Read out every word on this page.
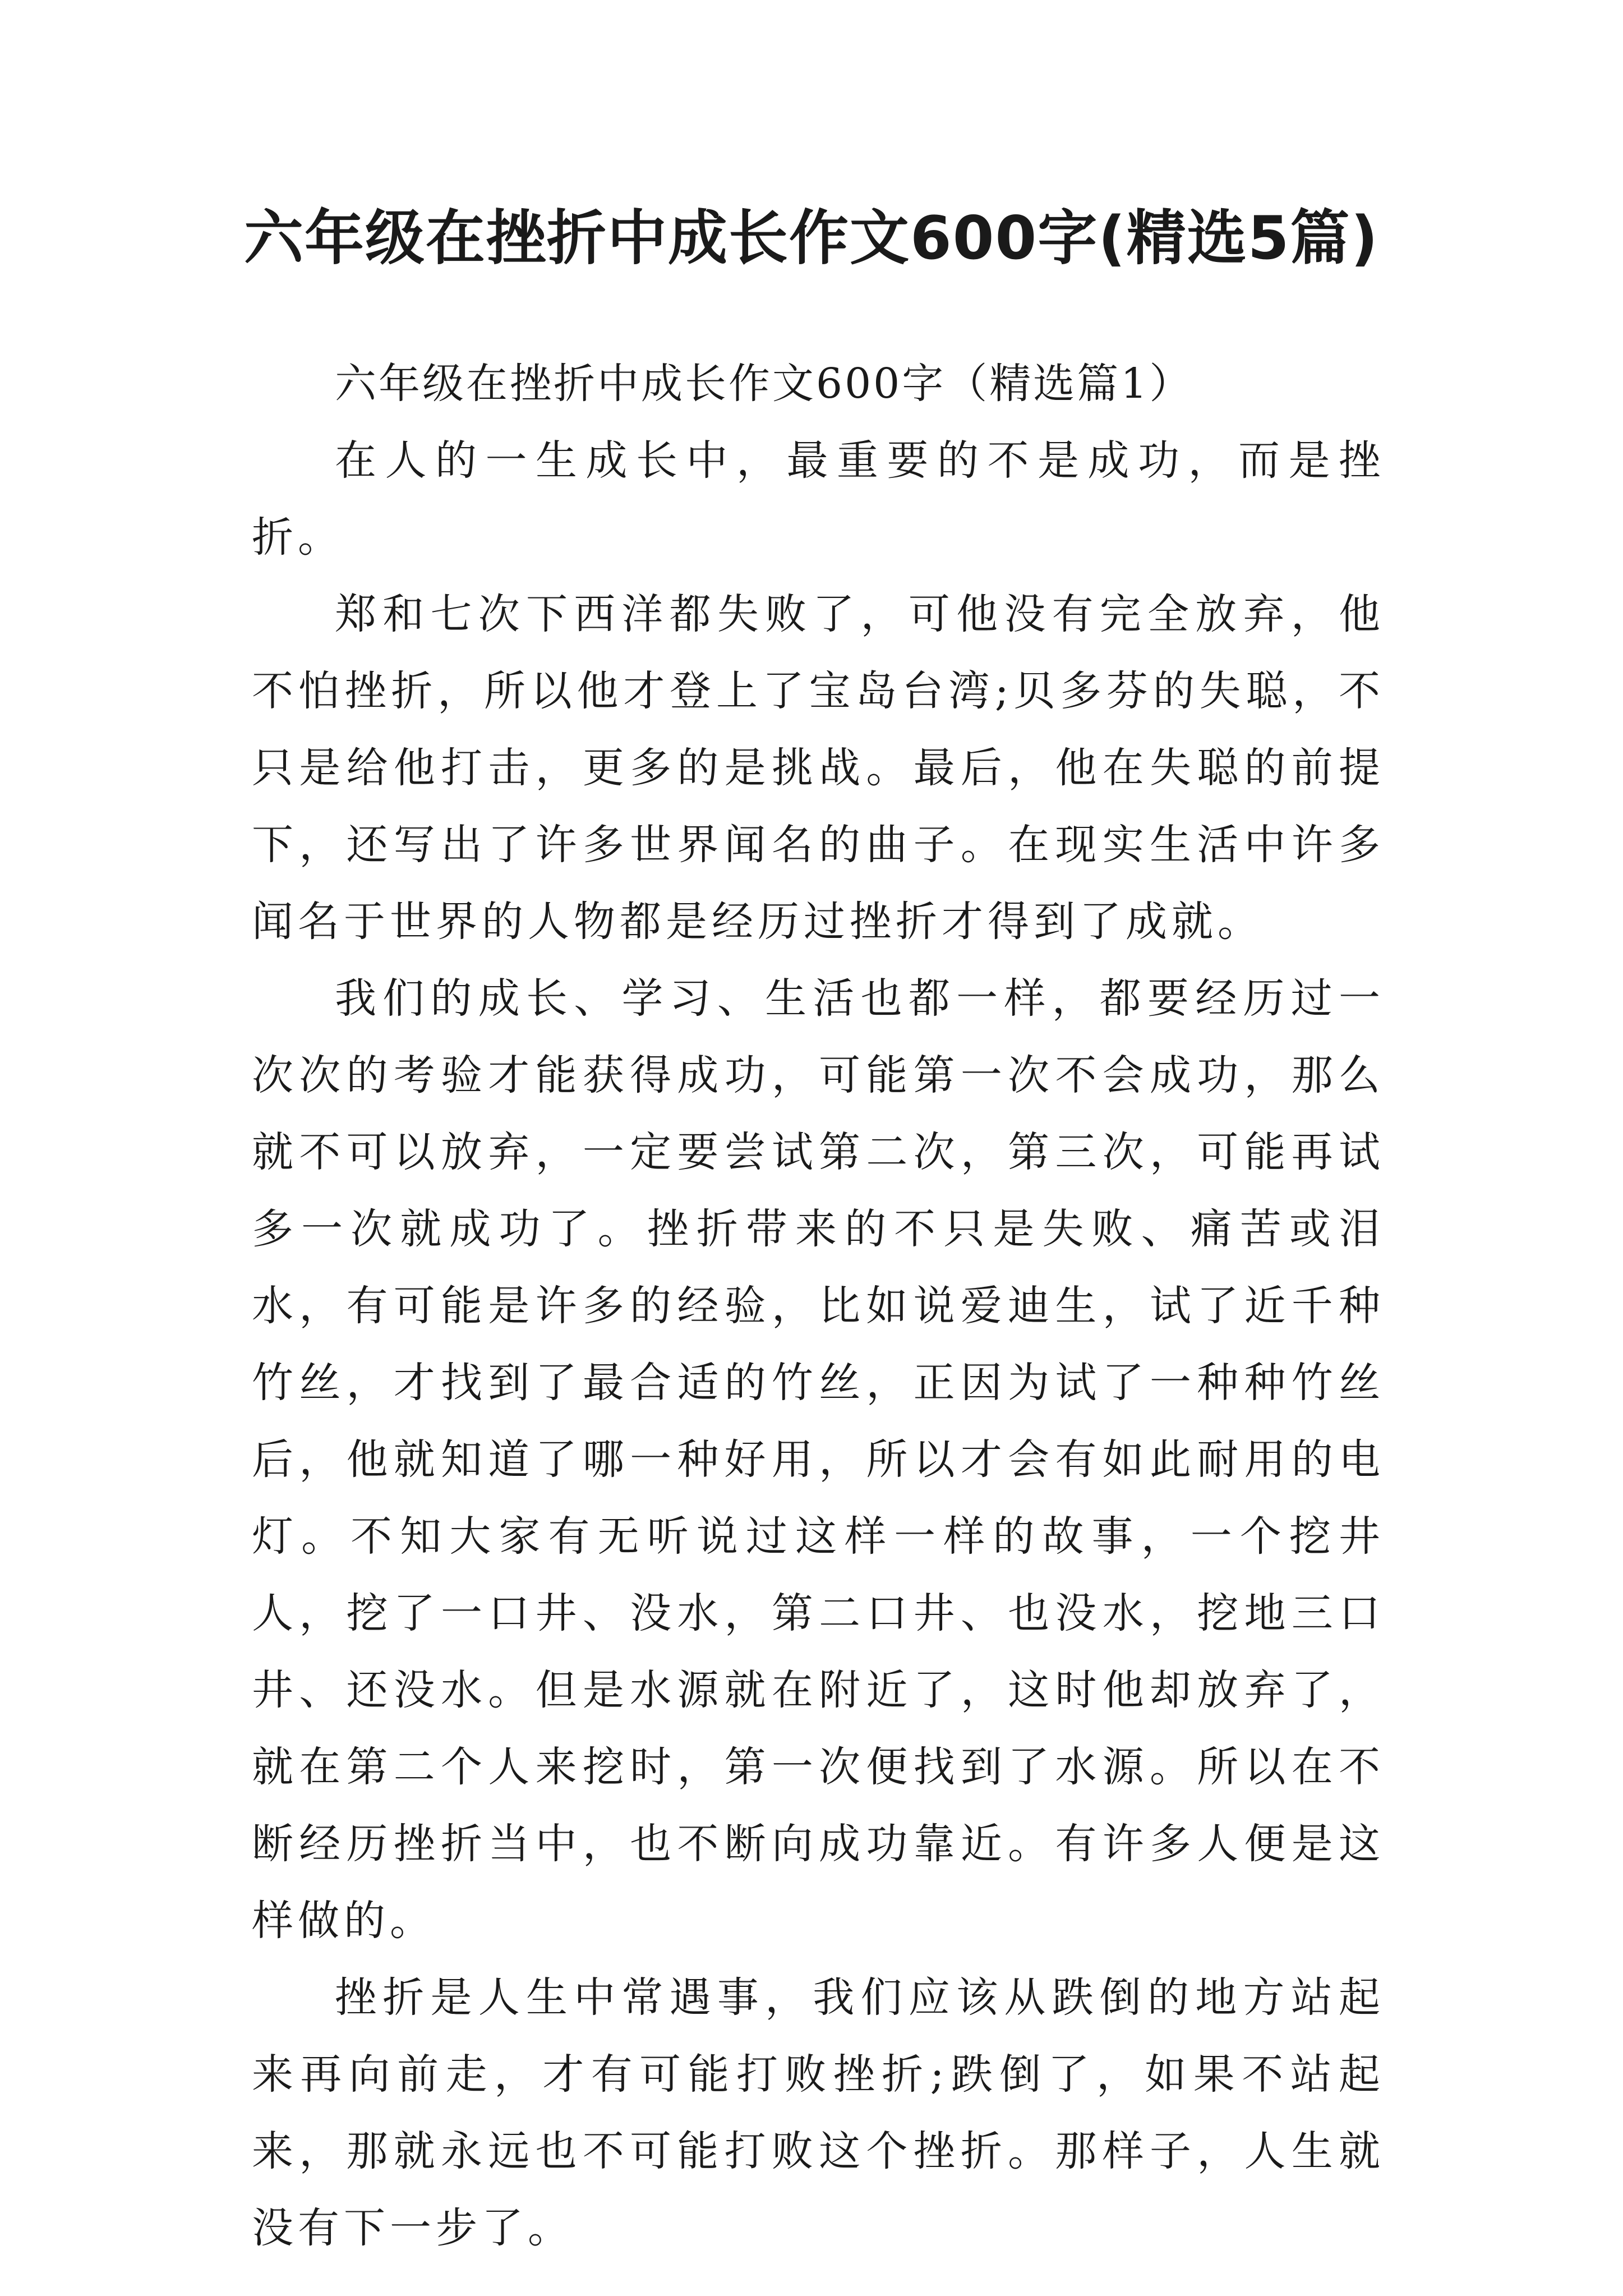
六年级在挫折中成长作文600字(精选5篇)

六年级在挫折中成长作文600字（精选篇1）

在人的一生成长中，最重要的不是成功，而是挫折。

郑和七次下西洋都失败了，可他没有完全放弃，他不怕挫折，所以他才登上了宝岛台湾;贝多芬的失聪，不只是给他打击，更多的是挑战。最后，他在失聪的前提下，还写出了许多世界闻名的曲子。在现实生活中许多闻名于世界的人物都是经历过挫折才得到了成就。

我们的成长、学习、生活也都一样，都要经历过一次次的考验才能获得成功，可能第一次不会成功，那么就不可以放弃，一定要尝试第二次，第三次，可能再试多一次就成功了。挫折带来的不只是失败、痛苦或泪水，有可能是许多的经验，比如说爱迪生，试了近千种竹丝，才找到了最合适的竹丝，正因为试了一种种竹丝后，他就知道了哪一种好用，所以才会有如此耐用的电灯。不知大家有无听说过这样一样的故事，一个挖井人，挖了一口井、没水，第二口井、也没水，挖地三口井、还没水。但是水源就在附近了，这时他却放弃了，就在第二个人来挖时，第一次便找到了水源。所以在不断经历挫折当中，也不断向成功靠近。有许多人便是这样做的。

挫折是人生中常遇事，我们应该从跌倒的地方站起来再向前走，才有可能打败挫折;跌倒了，如果不站起来，那就永远也不可能打败这个挫折。那样子，人生就没有下一步了。
